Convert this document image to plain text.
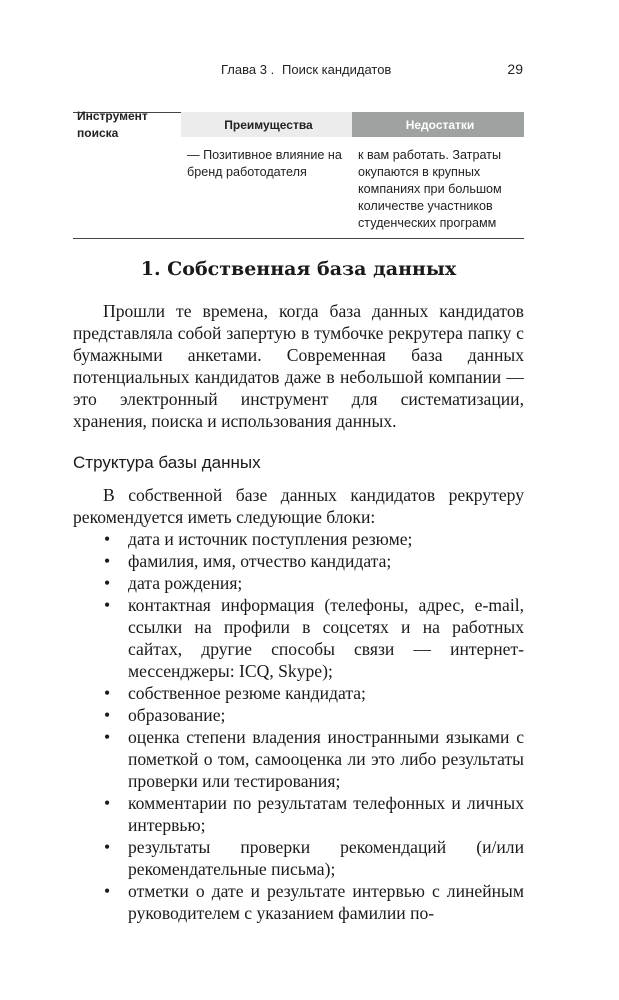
Глава 3 . Поиск кандидатов	29
Инструмент поиска
Преимущества	Недостатки
— Позитивное влияние на бренд работодателя
к вам работать. Затраты окупаются в крупных компаниях при большом количестве участников студенческих программ
1. Собственная база данных

Прошли те времена, когда база данных кандидатов представляла собой запертую в тумбочке рекрутера папку с бумажными анкетами. Современная база данных потенциальных кандидатов даже в небольшой компании — это электронный инструмент для систематизации, хранения, поиска и использования данных.

Структура базы данных

В собственной базе данных кандидатов рекрутеру рекомендуется иметь следующие блоки:

• дата и источник поступления резюме;
• фамилия, имя, отчество кандидата;
• дата рождения;
• контактная информация (телефоны, адрес, e-mail, ссылки на профили в соцсетях и на работных сайтах, другие способы связи — интернет-мессенджеры: ICQ, Skype);
• собственное резюме кандидата;
• образование;
• оценка степени владения иностранными языками с пометкой о том, самооценка ли это либо результаты проверки или тестирования;
• комментарии по результатам телефонных и личных интервью;
• результаты проверки рекомендаций (и/или рекомендательные письма);
• отметки о дате и результате интервью с линейным руководителем с указанием фамилии по-
